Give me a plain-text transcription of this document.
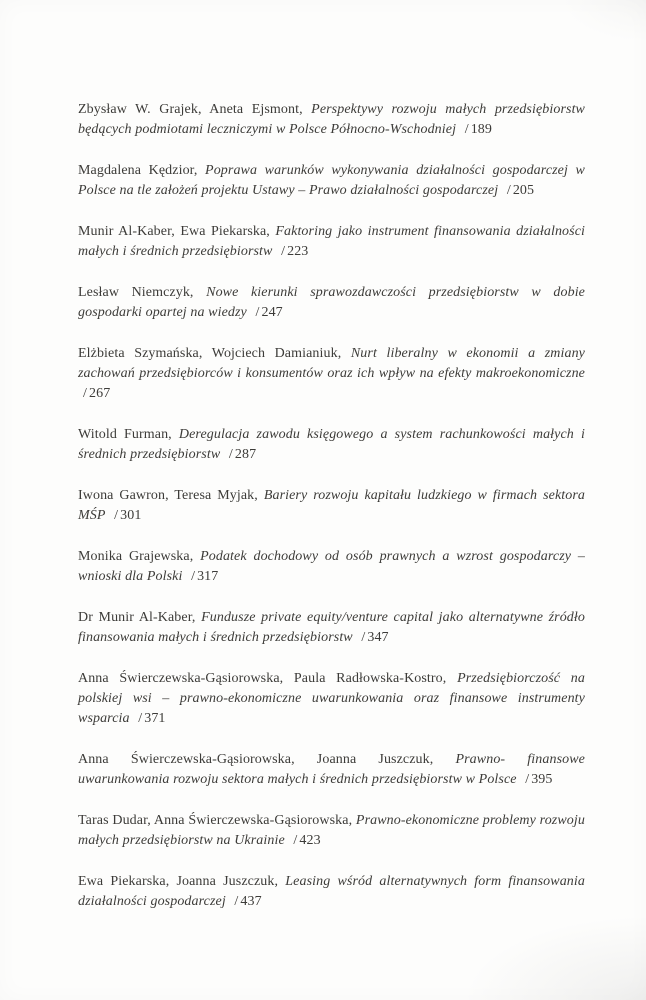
Zbysław W. Grajek, Aneta Ejsmont, Perspektywy rozwoju małych przedsiębiorstw będących podmiotami leczniczymi w Polsce Północno-Wschodniej / 189

Magdalena Kędzior, Poprawa warunków wykonywania działalności gospodarczej w Polsce na tle założeń projektu Ustawy – Prawo działalności gospodarczej / 205

Munir Al-Kaber, Ewa Piekarska, Faktoring jako instrument finansowania działalności małych i średnich przedsiębiorstw / 223

Lesław Niemczyk, Nowe kierunki sprawozdawczości przedsiębiorstw w dobie gospodarki opartej na wiedzy / 247

Elżbieta Szymańska, Wojciech Damianiuk, Nurt liberalny w ekonomii a zmiany zachowań przedsiębiorców i konsumentów oraz ich wpływ na efekty makroekonomiczne / 267

Witold Furman, Deregulacja zawodu księgowego a system rachunkowości małych i średnich przedsiębiorstw / 287

Iwona Gawron, Teresa Myjak, Bariery rozwoju kapitału ludzkiego w firmach sektora MŚP / 301

Monika Grajewska, Podatek dochodowy od osób prawnych a wzrost gospodarczy – wnioski dla Polski / 317

Dr Munir Al-Kaber, Fundusze private equity/venture capital jako alternatywne źródło finansowania małych i średnich przedsiębiorstw / 347

Anna Świerczewska-Gąsiorowska, Paula Radłowska-Kostro, Przedsiębiorczość na polskiej wsi – prawno-ekonomiczne uwarunkowania oraz finansowe instrumenty wsparcia / 371

Anna Świerczewska-Gąsiorowska, Joanna Juszczuk, Prawno- finansowe uwarunkowania rozwoju sektora małych i średnich przedsiębiorstw w Polsce / 395

Taras Dudar, Anna Świerczewska-Gąsiorowska, Prawno-ekonomiczne problemy rozwoju małych przedsiębiorstw na Ukrainie / 423

Ewa Piekarska, Joanna Juszczuk, Leasing wśród alternatywnych form finansowania działalności gospodarczej / 437
